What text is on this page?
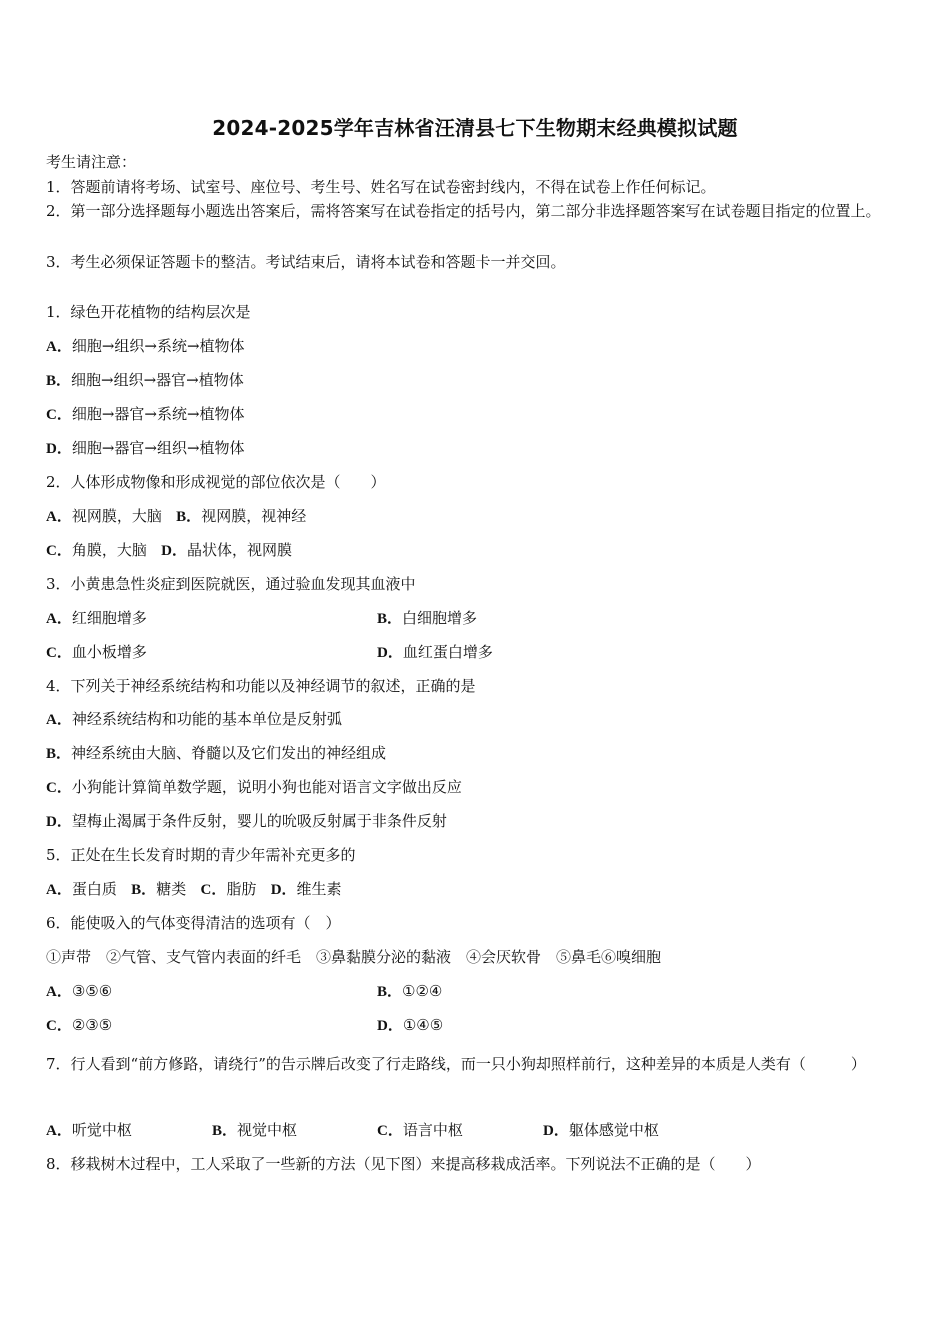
2024-2025学年吉林省汪清县七下生物期末经典模拟试题
考生请注意：
1．答题前请将考场、试室号、座位号、考生号、姓名写在试卷密封线内，不得在试卷上作任何标记。
2．第一部分选择题每小题选出答案后，需将答案写在试卷指定的括号内，第二部分非选择题答案写在试卷题目指定的位置上。
3．考生必须保证答题卡的整洁。考试结束后，请将本试卷和答题卡一并交回。
1．绿色开花植物的结构层次是
A．细胞→组织→系统→植物体
B．细胞→组织→器官→植物体
C．细胞→器官→系统→植物体
D．细胞→器官→组织→植物体
2．人体形成物像和形成视觉的部位依次是（　　）
A．视网膜，大脑 B．视网膜，视神经
C．角膜，大脑 D．晶状体，视网膜
3．小黄患急性炎症到医院就医，通过验血发现其血液中
A．红细胞增多	B．白细胞增多
C．血小板增多	D．血红蛋白增多
4．下列关于神经系统结构和功能以及神经调节的叙述，正确的是
A．神经系统结构和功能的基本单位是反射弧
B．神经系统由大脑、脊髓以及它们发出的神经组成
C．小狗能计算简单数学题，说明小狗也能对语言文字做出反应
D．望梅止渴属于条件反射，婴儿的吮吸反射属于非条件反射
5．正处在生长发育时期的青少年需补充更多的
A．蛋白质 B．糖类 C．脂肪 D．维生素
6．能使吸入的气体变得清洁的选项有（　）
①声带　②气管、支气管内表面的纤毛　③鼻黏膜分泌的黏液　④会厌软骨　⑤鼻毛⑥嗅细胞
A．③⑤⑥	B．①②④
C．②③⑤	D．①④⑤
7．行人看到“前方修路，请绕行”的告示牌后改变了行走路线，而一只小狗却照样前行，这种差异的本质是人类有（　　　）
A．听觉中枢	B．视觉中枢	C．语言中枢	D．躯体感觉中枢
8．移栽树木过程中，工人采取了一些新的方法（见下图）来提高移栽成活率。下列说法不正确的是（　　）
